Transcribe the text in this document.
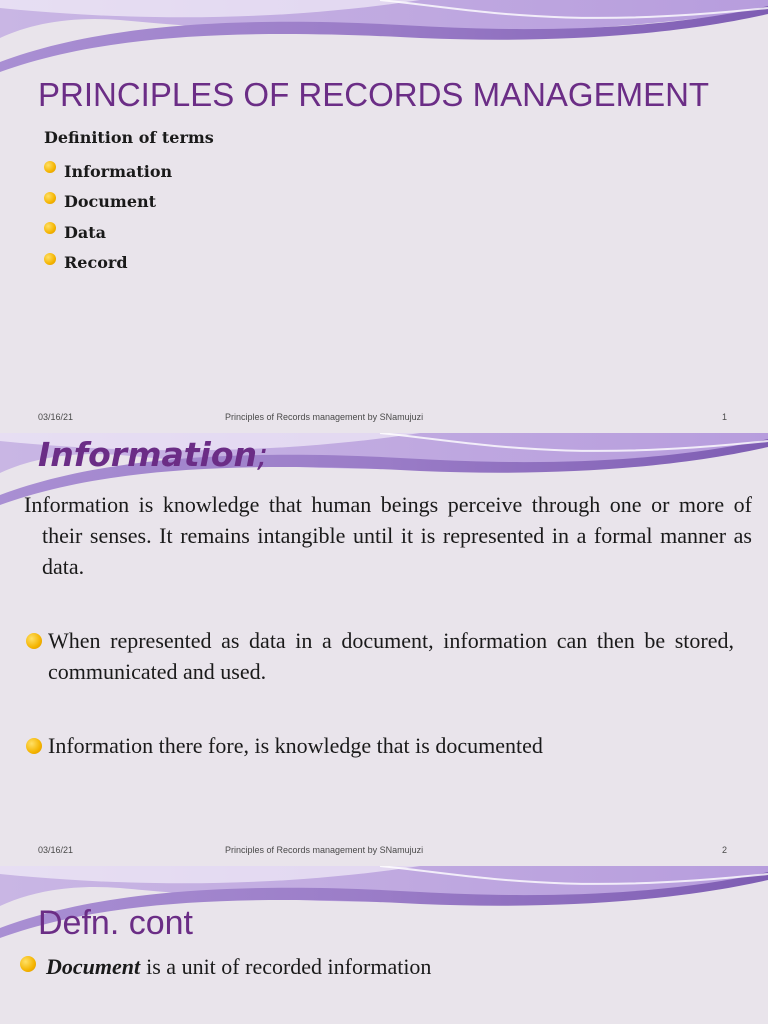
PRINCIPLES OF RECORDS MANAGEMENT
Definition of terms
Information
Document
Data
Record
03/16/21	Principles of Records management by SNamujuzi	1
Information;

Information is knowledge that human beings perceive through one or more of their senses. It remains intangible until it is represented in a formal manner as data.

When represented as data in a document, information can then be stored, communicated and used.
Information there fore, is knowledge that is documented
03/16/21	Principles of Records management by SNamujuzi	2
Defn. cont
Document is a unit of recorded information
